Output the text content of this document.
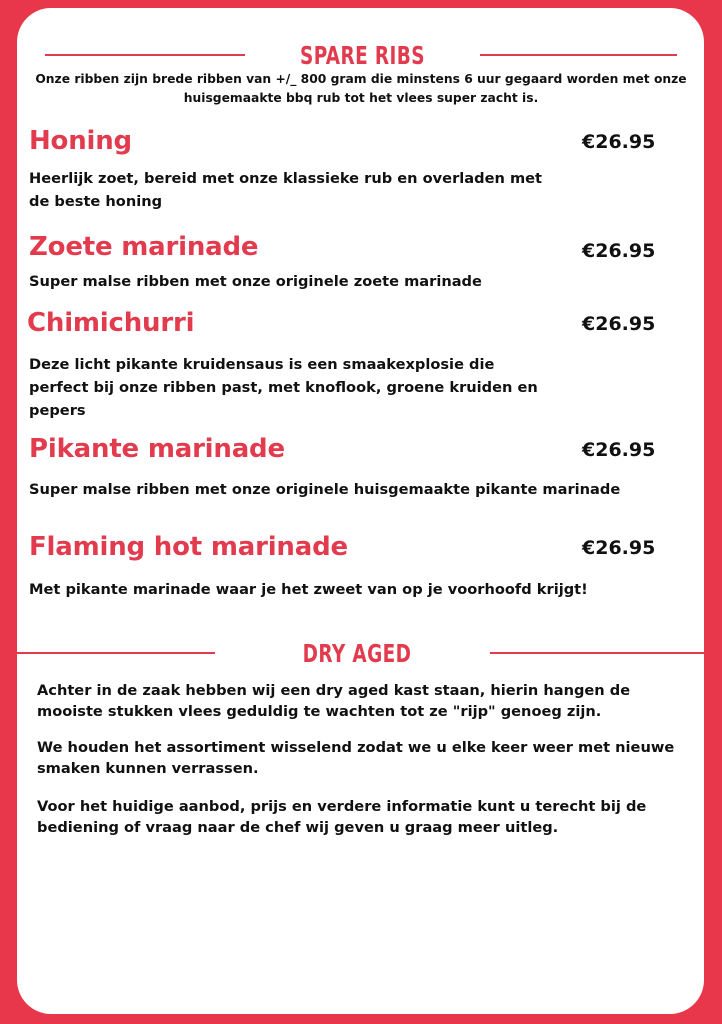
SPARE RIBS

Onze ribben zijn brede ribben van +/_ 800 gram die minstens 6 uur gegaard worden met onze huisgemaakte bbq rub tot het vlees super zacht is.

Honing	€26.95

Heerlijk zoet, bereid met onze klassieke rub en overladen met de beste honing

Zoete marinade	€26.95

Super malse ribben met onze originele zoete marinade

Chimichurri	€26.95

Deze licht pikante kruidensaus is een smaakexplosie die perfect bij onze ribben past, met knoflook, groene kruiden en pepers

Pikante marinade	€26.95

Super malse ribben met onze originele huisgemaakte pikante marinade

Flaming hot marinade	€26.95

Met pikante marinade waar je het zweet van op je voorhoofd krijgt!

DRY AGED

Achter in de zaak hebben wij een dry aged kast staan, hierin hangen de mooiste stukken vlees geduldig te wachten tot ze "rijp" genoeg zijn.

We houden het assortiment wisselend zodat we u elke keer weer met nieuwe smaken kunnen verrassen.

Voor het huidige aanbod, prijs en verdere informatie kunt u terecht bij de bediening of vraag naar de chef wij geven u graag meer uitleg.
